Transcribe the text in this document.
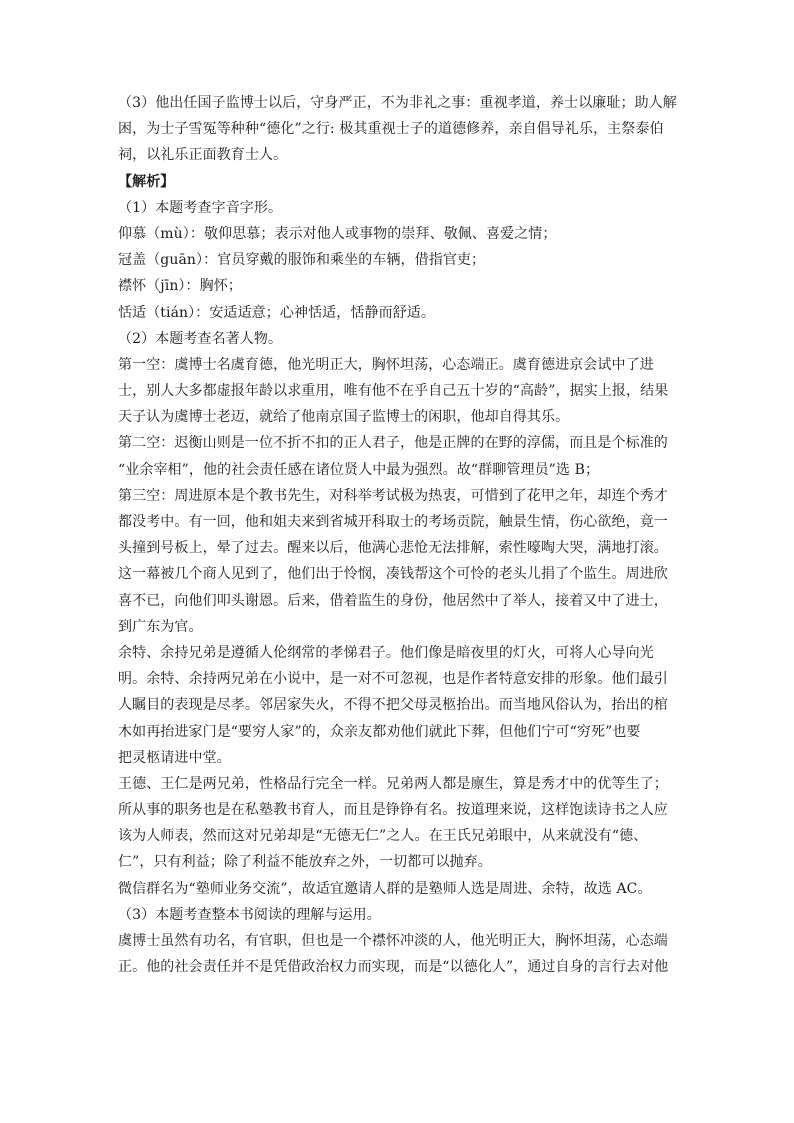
（3）他出任国子监博士以后，守身严正，不为非礼之事：重视孝道，养士以廉耻；助人解
困，为士子雪冤等种种“德化”之行: 极其重视士子的道德修养，亲自倡导礼乐，主祭泰伯
祠，以礼乐正面教育士人。
【解析】
（1）本题考查字音字形。
仰慕（mù）：敬仰思慕；表示对他人或事物的崇拜、敬佩、喜爱之情；
冠盖（guān）：官员穿戴的服饰和乘坐的车辆，借指官吏；
襟怀（jīn）：胸怀；
恬适（tián）：安适适意；心神恬适，恬静而舒适。
（2）本题考查名著人物。
第一空：虞博士名虞育德，他光明正大，胸怀坦荡，心态端正。虞育德进京会试中了进
士，别人大多都虚报年龄以求重用，唯有他不在乎自己五十岁的“高龄”，据实上报，结果
天子认为虞博士老迈，就给了他南京国子监博士的闲职，他却自得其乐。
第二空：迟衡山则是一位不折不扣的正人君子，他是正牌的在野的淳儒，而且是个标准的
“业余宰相”，他的社会责任感在诸位贤人中最为强烈。故“群聊管理员”选 B；
第三空：周进原本是个教书先生，对科举考试极为热衷，可惜到了花甲之年，却连个秀才
都没考中。有一回，他和姐夫来到省城开科取士的考场贡院，触景生情，伤心欲绝，竟一
头撞到号板上，晕了过去。醒来以后，他满心悲怆无法排解，索性嚎啕大哭，满地打滚。
这一幕被几个商人见到了，他们出于怜悯，凑钱帮这个可怜的老头儿捐了个监生。周进欣
喜不已，向他们叩头谢恩。后来，借着监生的身份，他居然中了举人，接着又中了进士，
到广东为官。
余特、余持兄弟是遵循人伦纲常的孝悌君子。他们像是暗夜里的灯火，可将人心导向光
明。余特、余持两兄弟在小说中，是一对不可忽视，也是作者特意安排的形象。他们最引
人瞩目的表现是尽孝。邻居家失火，不得不把父母灵柩抬出。而当地风俗认为，抬出的棺
木如再抬进家门是“要穷人家”的，众亲友都劝他们就此下葬，但他们宁可“穷死”也要
把灵柩请进中堂。
王德、王仁是两兄弟，性格品行完全一样。兄弟两人都是廪生，算是秀才中的优等生了；
所从事的职务也是在私塾教书育人，而且是铮铮有名。按道理来说，这样饱读诗书之人应
该为人师表，然而这对兄弟却是“无德无仁”之人。在王氏兄弟眼中，从来就没有“德、
仁”，只有利益；除了利益不能放弃之外，一切都可以抛弃。
微信群名为“塾师业务交流”，故适宜邀请人群的是塾师人选是周进、余特，故选 AC。
（3）本题考查整本书阅读的理解与运用。
虞博士虽然有功名，有官职，但也是一个襟怀冲淡的人，他光明正大，胸怀坦荡，心态端
正。他的社会责任并不是凭借政治权力而实现，而是“以德化人”，通过自身的言行去对他
